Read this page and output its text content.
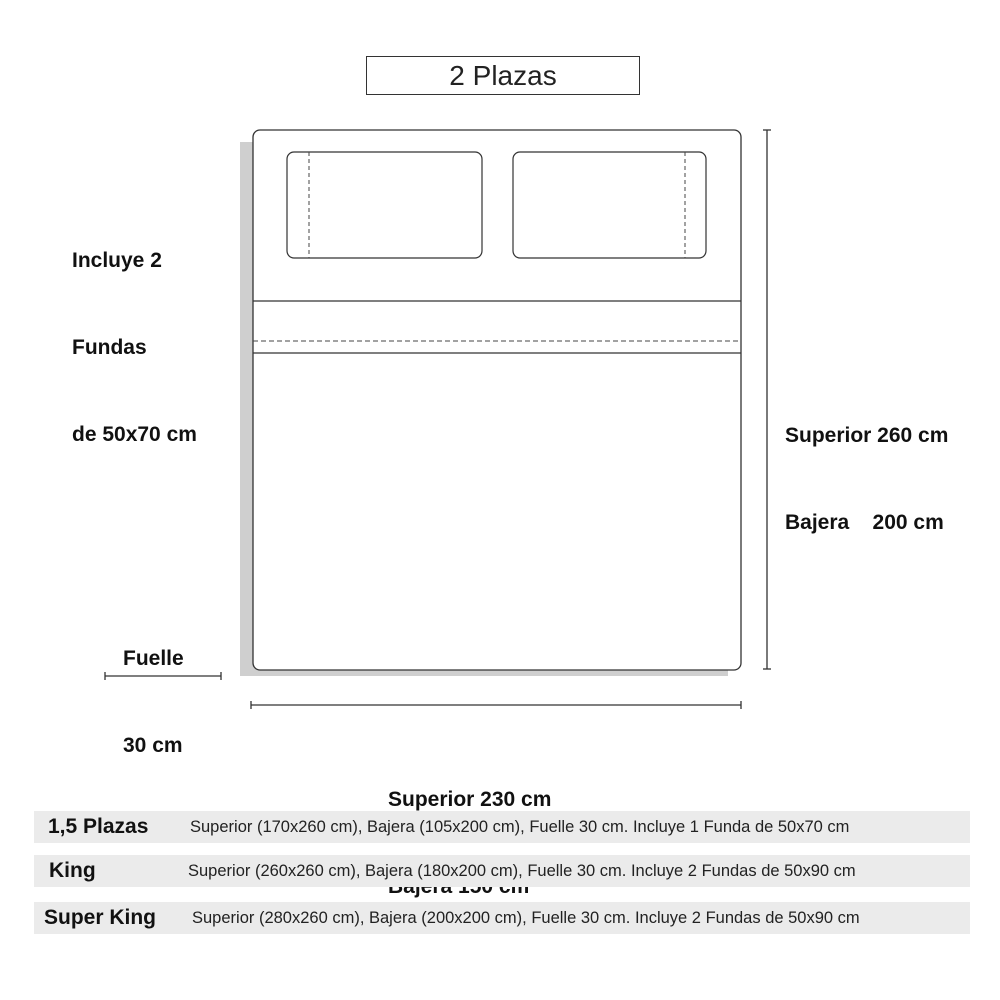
2 Plazas

Incluye 2

Fundas

de 50x70 cm

	Superior 260 cm

Bajera    200 cm

Fuelle

30 cm

Superior 230 cm

1,5 Plazas	Superior (170x260 cm), Bajera (105x200 cm), Fuelle 30 cm. Incluye 1 Funda de 50x70 cm
King	Superior (260x260 cm), Bajera (180x200 cm), Fuelle 30 cm. Incluye 2 Fundas de 50x90 cm
Super King	Superior (280x260 cm), Bajera (200x200 cm), Fuelle 30 cm. Incluye 2 Fundas de 50x90 cm
